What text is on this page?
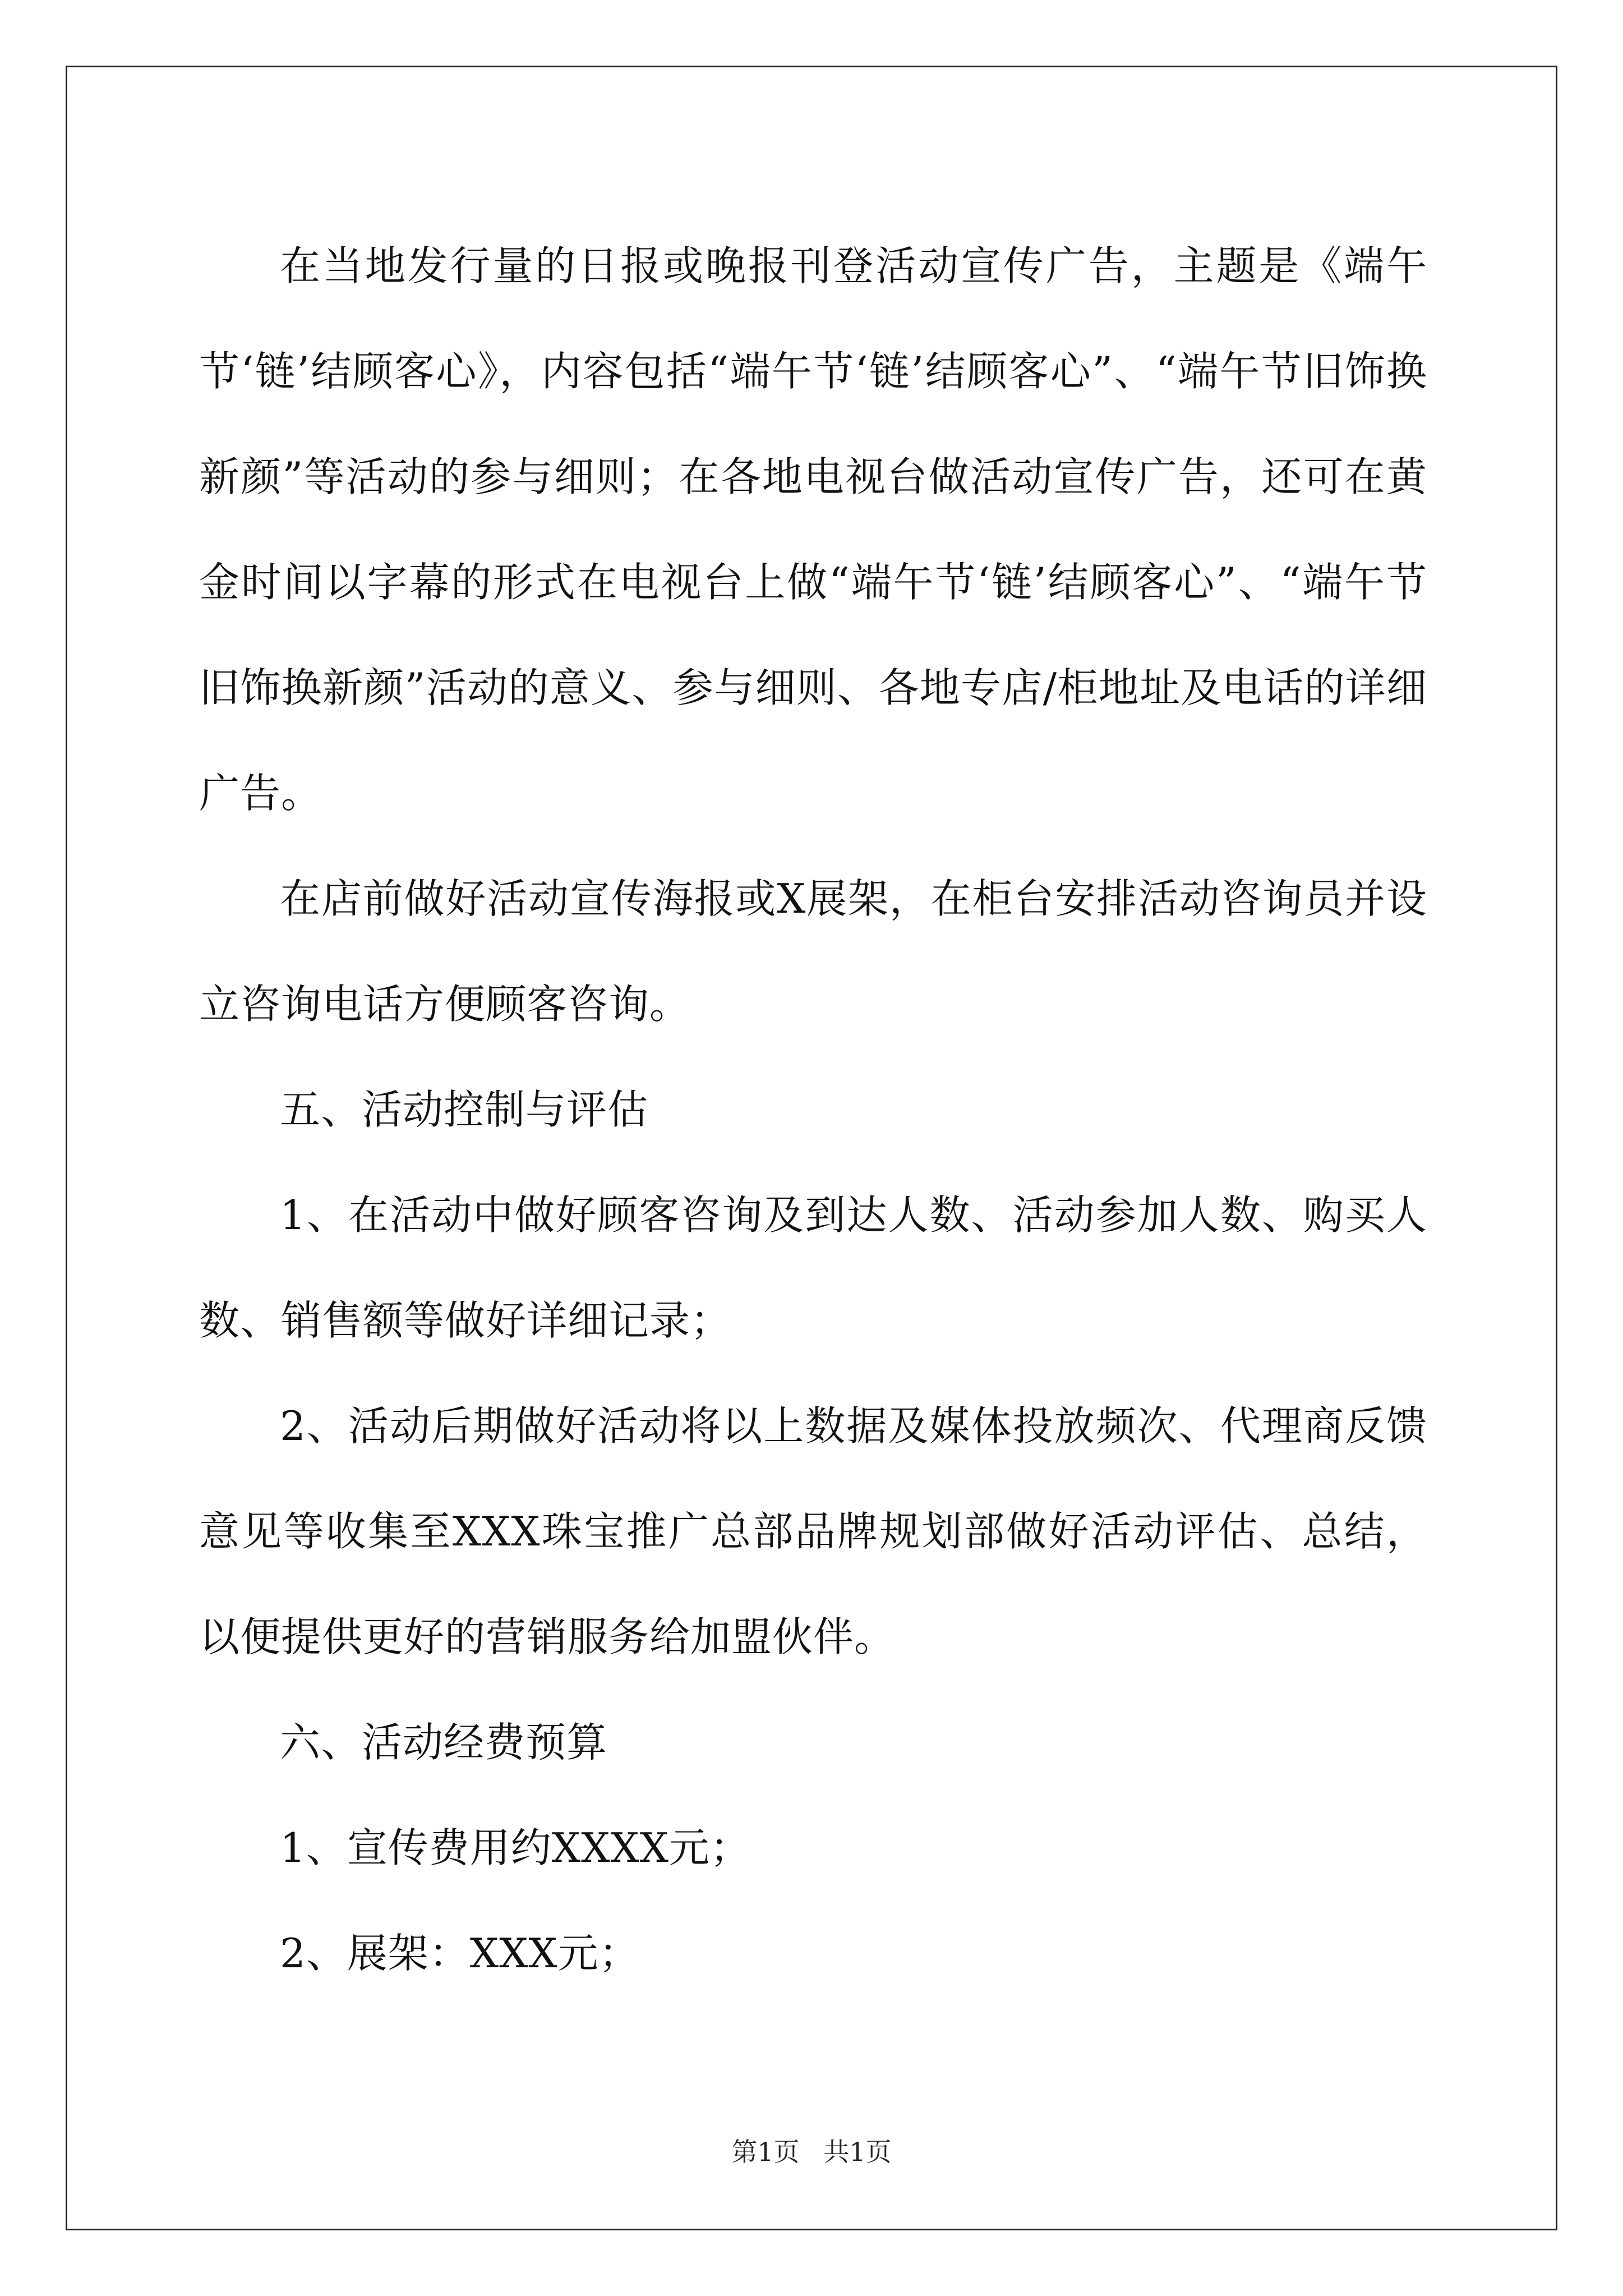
在当地发行量的日报或晚报刊登活动宣传广告，主题是《端午节‘链’结顾客心》，内容包括“端午节‘链’结顾客心”、“端午节旧饰换新颜”等活动的参与细则；在各地电视台做活动宣传广告，还可在黄金时间以字幕的形式在电视台上做“端午节‘链’结顾客心”、“端午节旧饰换新颜”活动的意义、参与细则、各地专店/柜地址及电话的详细广告。

在店前做好活动宣传海报或X展架，在柜台安排活动咨询员并设立咨询电话方便顾客咨询。

五、活动控制与评估

1、在活动中做好顾客咨询及到达人数、活动参加人数、购买人数、销售额等做好详细记录；

2、活动后期做好活动将以上数据及媒体投放频次、代理商反馈意见等收集至XXX珠宝推广总部品牌规划部做好活动评估、总结，以便提供更好的营销服务给加盟伙伴。

六、活动经费预算

1、宣传费用约XXXX元；

2、展架：XXX元；

第1页 共1页
